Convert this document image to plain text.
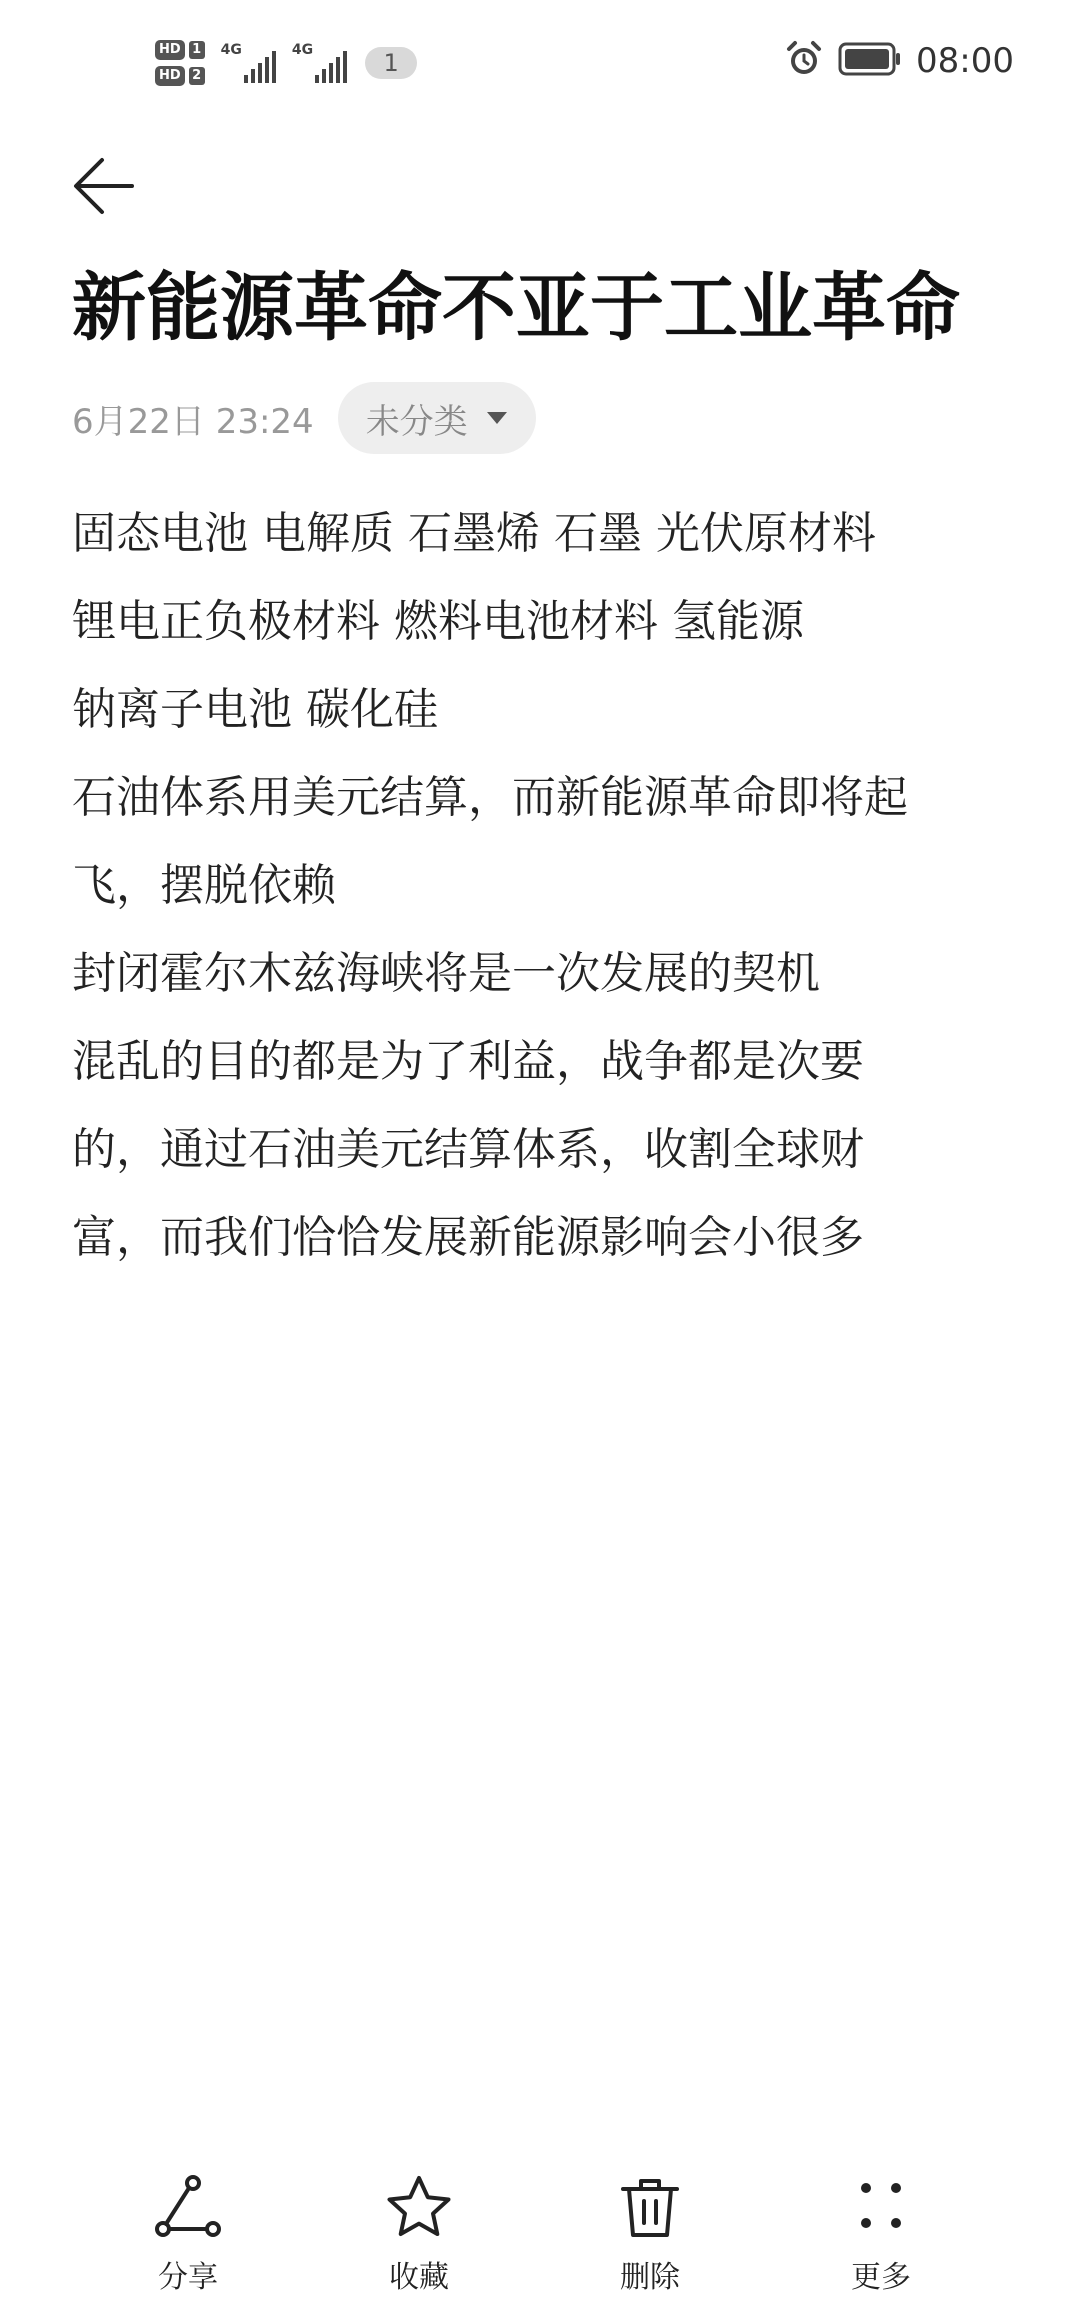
HD 1
HD 2
4G	4G	1	08:00
新能源革命不亚于工业革命
6月22日 23:24 未分类
固态电池 电解质 石墨烯 石墨 光伏原材料
锂电正负极材料 燃料电池材料 氢能源
钠离子电池 碳化硅
石油体系用美元结算，而新能源革命即将起
飞，摆脱依赖
封闭霍尔木兹海峡将是一次发展的契机
混乱的目的都是为了利益，战争都是次要
的，通过石油美元结算体系，收割全球财
富，而我们恰恰发展新能源影响会小很多
分享	收藏	删除	更多
